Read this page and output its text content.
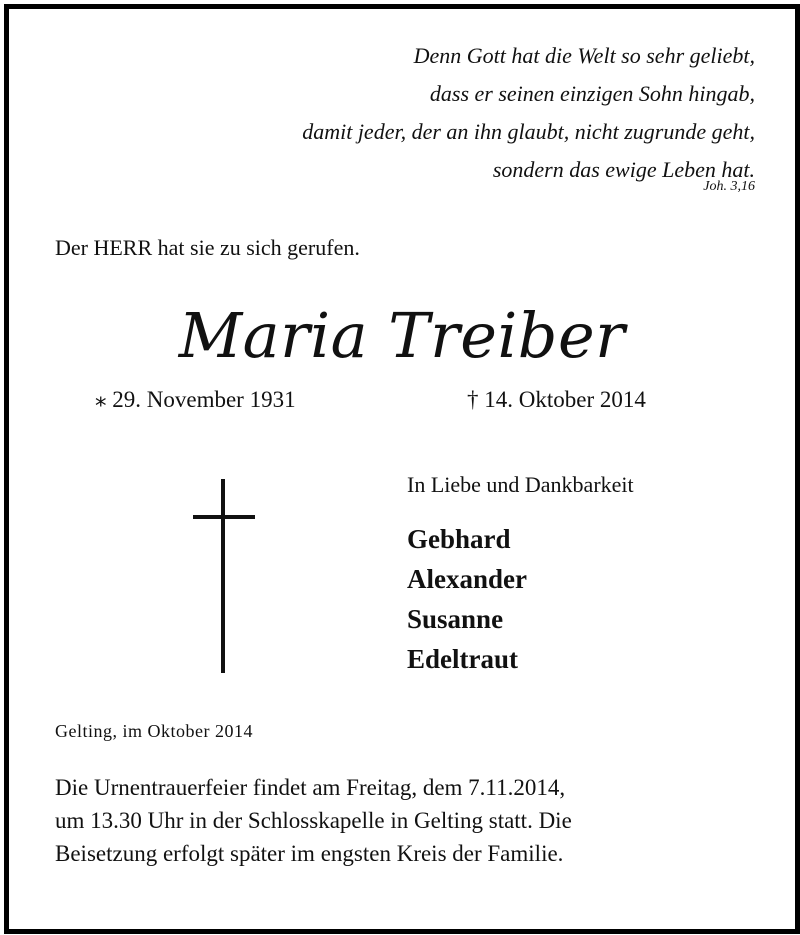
Denn Gott hat die Welt so sehr geliebt,
dass er seinen einzigen Sohn hingab,
damit jeder, der an ihn glaubt, nicht zugrunde geht,
sondern das ewige Leben hat.
Joh. 3,16
Der HERR hat sie zu sich gerufen.
Maria Treiber
⁎ 29. November 1931	† 14. Oktober 2014
In Liebe und Dankbarkeit
Gebhard
Alexander
Susanne
Edeltraut
Gelting, im Oktober 2014
Die Urnentrauerfeier findet am Freitag, dem 7.11.2014,
um 13.30 Uhr in der Schlosskapelle in Gelting statt. Die
Beisetzung erfolgt später im engsten Kreis der Familie.
